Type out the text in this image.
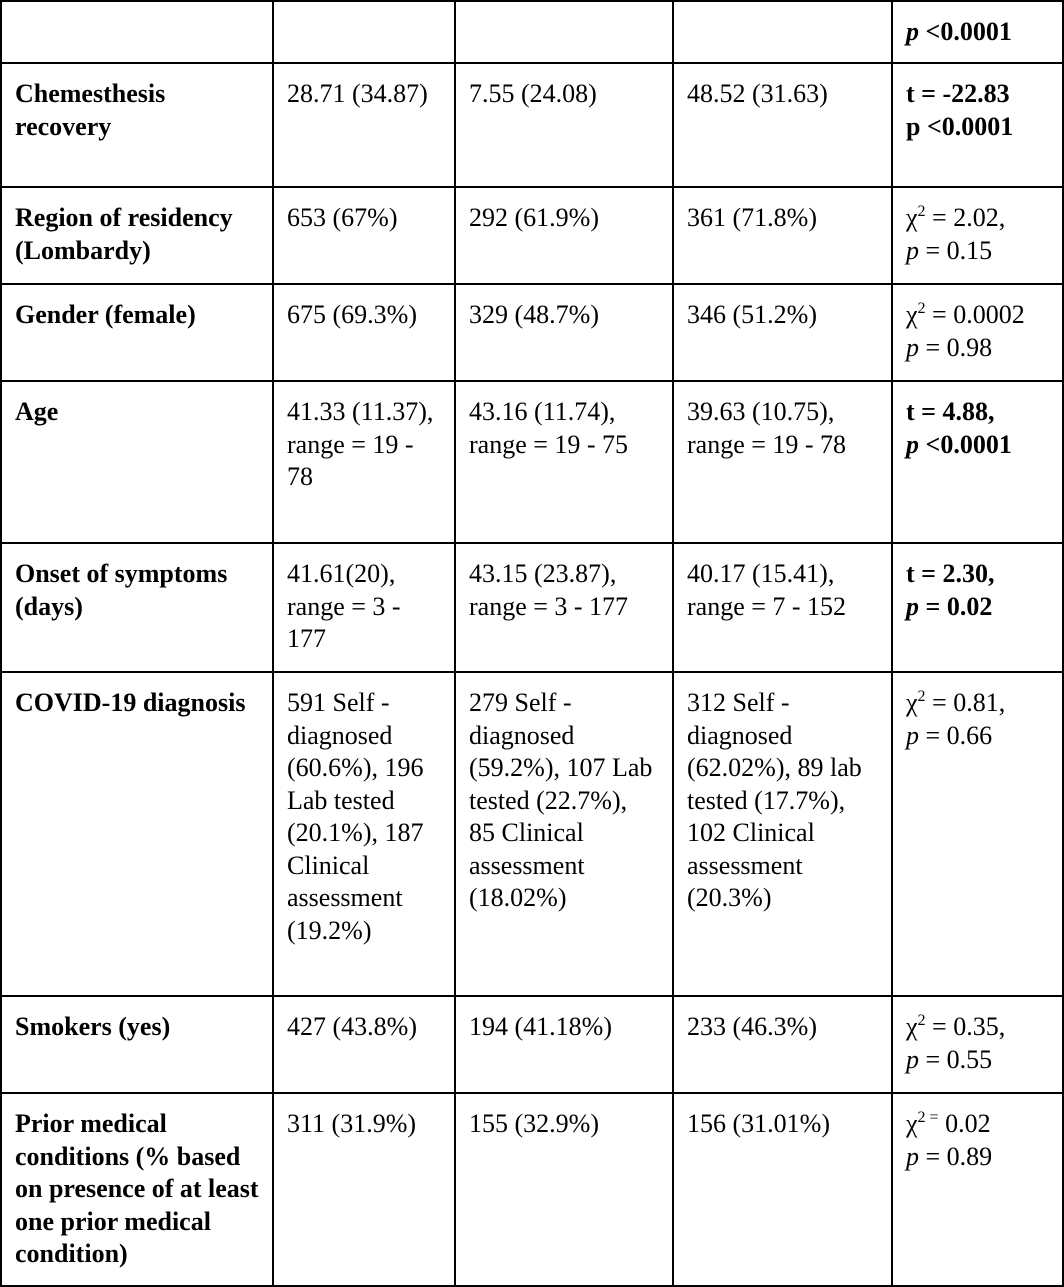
				p <0.0001
Chemesthesis recovery	28.71 (34.87)	7.55 (24.08)	48.52 (31.63)	t = -22.83
p <0.0001
Region of residency (Lombardy)	653 (67%)	292 (61.9%)	361 (71.8%)	$\chi^2 = 2.02$,
p = 0.15
Gender (female)	675 (69.3%)	329 (48.7%)	346 (51.2%)	$\chi^2 = 0.0002$
p = 0.98
Age	41.33 (11.37), range = 19 - 78	43.16 (11.74), range = 19 - 75	39.63 (10.75), range = 19 - 78	t = 4.88,
p <0.0001
Onset of symptoms (days)	41.61(20), range = 3 - 177	43.15 (23.87), range = 3 - 177	40.17 (15.41), range = 7 - 152	t = 2.30,
p = 0.02
COVID-19 diagnosis	591 Self - diagnosed (60.6%), 196 Lab tested (20.1%), 187 Clinical assessment (19.2%)	279 Self - diagnosed (59.2%), 107 Lab tested (22.7%), 85 Clinical assessment (18.02%)	312 Self - diagnosed (62.02%), 89 lab tested (17.7%), 102 Clinical assessment (20.3%)	$\chi^2 = 0.81$,
p = 0.66
Smokers (yes)	427 (43.8%)	194 (41.18%)	233 (46.3%)	$\chi^2 = 0.35$,
p = 0.55
Prior medical conditions (% based on presence of at least one prior medical condition)	311 (31.9%)	155 (32.9%)	156 (31.01%)	$\chi^{2 =}$ 0.02
p = 0.89
